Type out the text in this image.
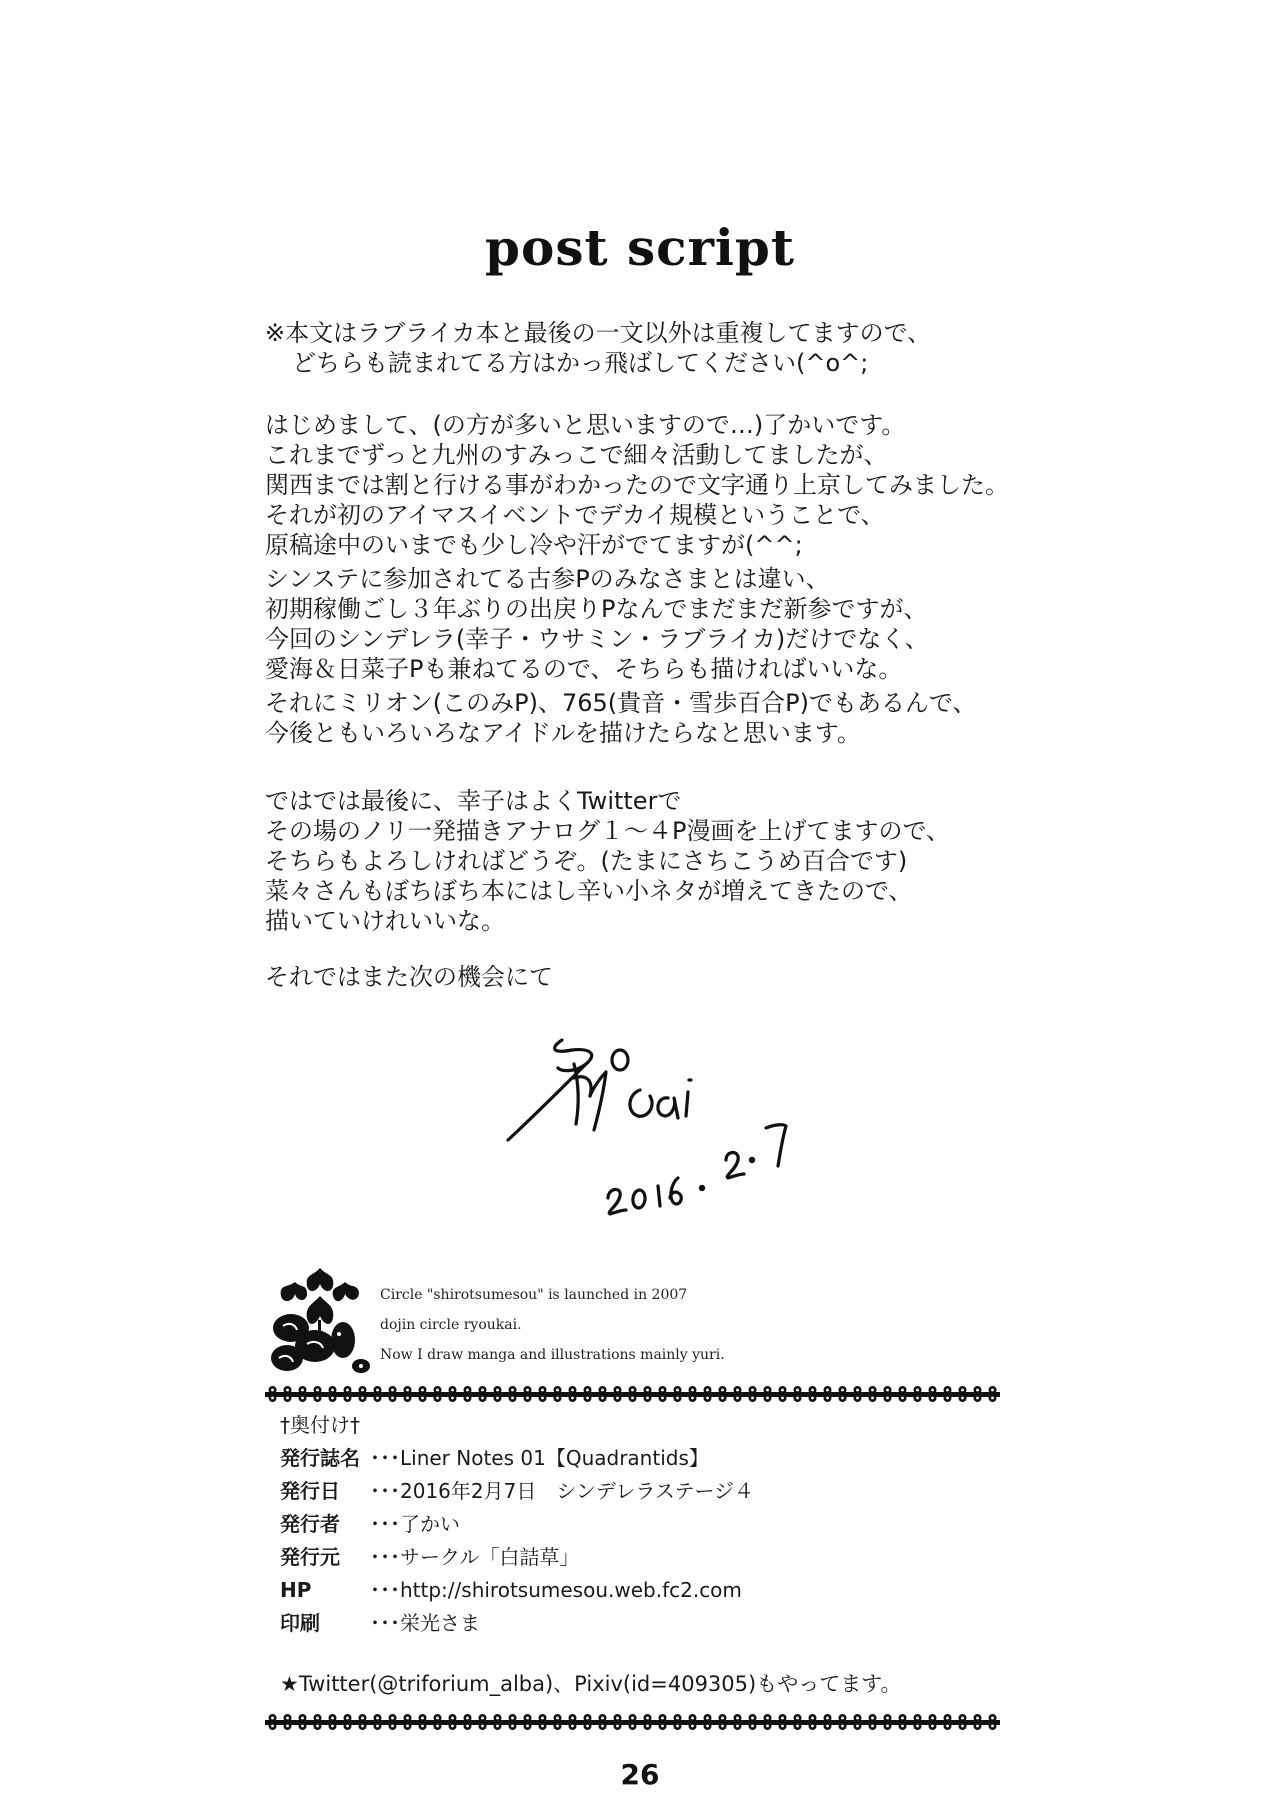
post script
※本文はラブライカ本と最後の一文以外は重複してますので、
どちらも読まれてる方はかっ飛ばしてください(^o^;
はじめまして、(の方が多いと思いますので…)了かいです。
これまでずっと九州のすみっこで細々活動してましたが、
関西までは割と行ける事がわかったので文字通り上京してみました。
それが初のアイマスイベントでデカイ規模ということで、
原稿途中のいまでも少し冷や汗がでてますが(^^;
シンステに参加されてる古参Pのみなさまとは違い、
初期稼働ごし３年ぶりの出戻りPなんでまだまだ新参ですが、
今回のシンデレラ(幸子・ウサミン・ラブライカ)だけでなく、
愛海＆日菜子Pも兼ねてるので、そちらも描ければいいな。
それにミリオン(このみP)、765(貴音・雪歩百合P)でもあるんで、
今後ともいろいろなアイドルを描けたらなと思います。
ではでは最後に、幸子はよくTwitterで
その場のノリ一発描きアナログ１～４P漫画を上げてますので、
そちらもよろしければどうぞ。(たまにさちこうめ百合です)
菜々さんもぼちぼち本にはし辛い小ネタが増えてきたので、
描いていけれいいな。
それではまた次の機会にて
Circle "shirotsumesou" is launched in 2007
dojin circle ryoukai.
Now I draw manga and illustrations mainly yuri.
†奥付け†
発行誌名 ･･･Liner Notes 01【Quadrantids】
発行日 ･･･2016年2月7日　シンデレラステージ４
発行者 ･･･了かい
発行元 ･･･サークル「白詰草」
HP	･･･http://shirotsumesou.web.fc2.com
印刷	･･･栄光さま
★Twitter(@triforium_alba)、Pixiv(id=409305)もやってます。
26
